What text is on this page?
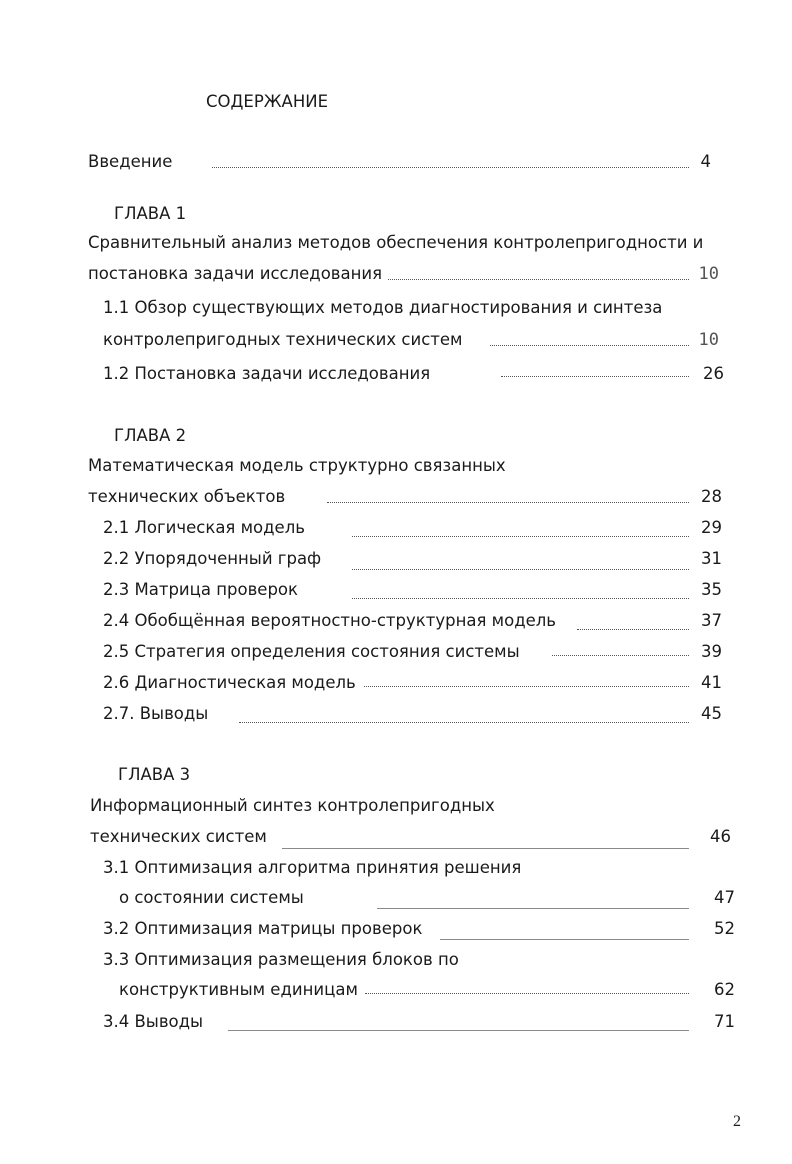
СОДЕРЖАНИЕ
Введение	4
ГЛАВА 1
Сравнительный анализ методов обеспечения контролепригодности и
постановка задачи исследования	10
1.1 Обзор существующих методов диагностирования и синтеза
контролепригодных технических систем	10
1.2 Постановка задачи исследования	26
ГЛАВА 2
Математическая модель структурно связанных
технических объектов	28
2.1 Логическая модель	29
2.2 Упорядоченный граф	31
2.3 Матрица проверок	35
2.4 Обобщённая вероятностно-структурная модель	37
2.5 Стратегия определения состояния системы	39
2.6 Диагностическая модель	41
2.7. Выводы	45
ГЛАВА 3
Информационный синтез контролепригодных
технических систем	46
3.1 Оптимизация алгоритма принятия решения
о состоянии системы	47
3.2 Оптимизация матрицы проверок	52
3.3 Оптимизация размещения блоков по
конструктивным единицам	62
3.4 Выводы	71
2
